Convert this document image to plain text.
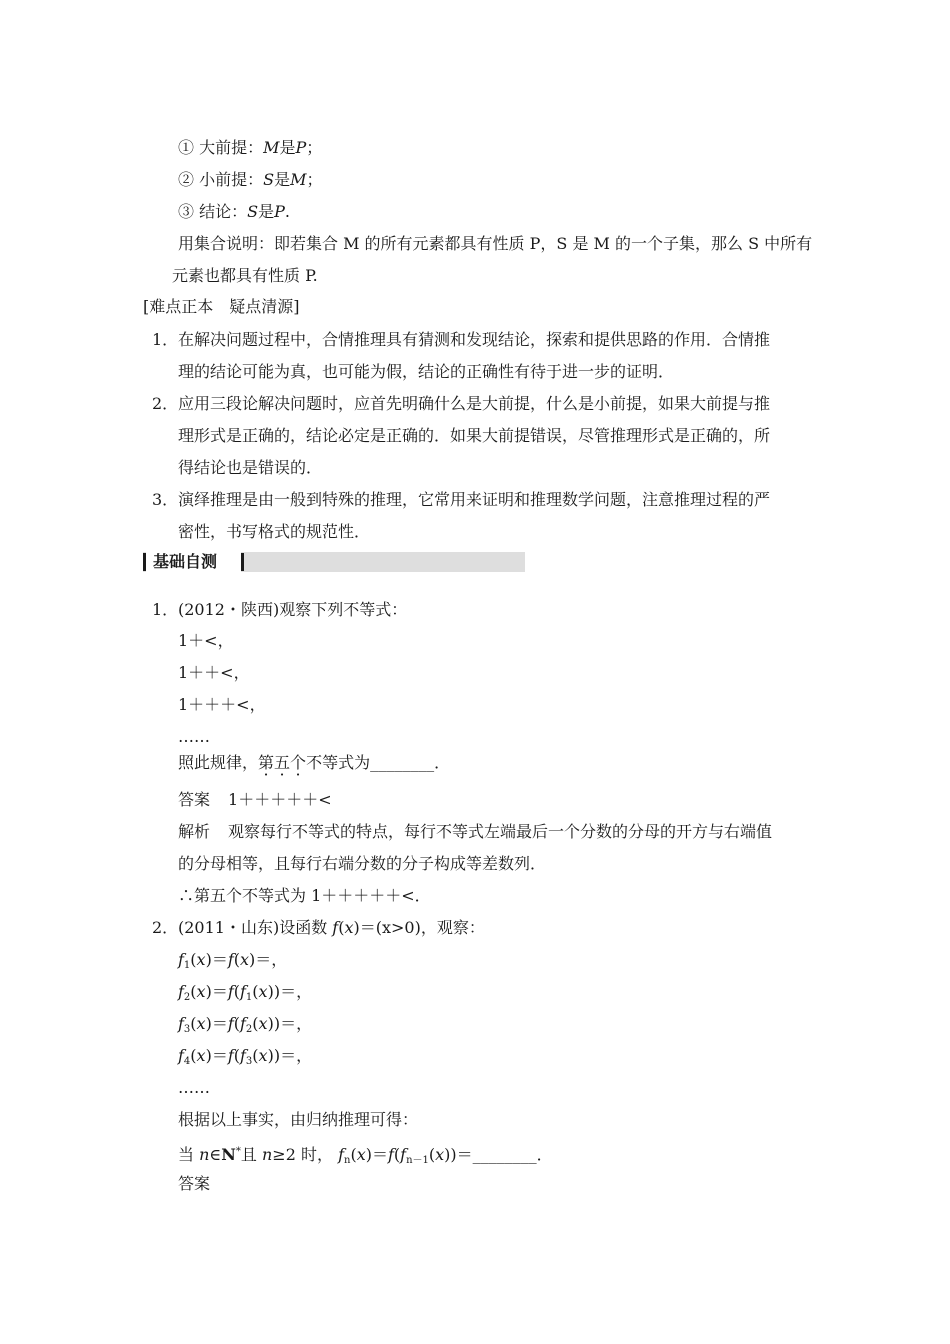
① 大前提：M是P；
② 小前提：S是M；
③ 结论：S是P.
用集合说明：即若集合 M 的所有元素都具有性质 P，S 是 M 的一个子集，那么 S 中所有
元素也都具有性质 P.
[难点正本　疑点清源]
1． 在解决问题过程中，合情推理具有猜测和发现结论，探索和提供思路的作用．合情推
理的结论可能为真，也可能为假，结论的正确性有待于进一步的证明．
2． 应用三段论解决问题时，应首先明确什么是大前提，什么是小前提，如果大前提与推
理形式是正确的，结论必定是正确的．如果大前提错误，尽管推理形式是正确的，所
得结论也是错误的．
3． 演绎推理是由一般到特殊的推理，它常用来证明和推理数学问题，注意推理过程的严
密性，书写格式的规范性．
基础自测
1． (2012・陕西)观察下列不等式：
1＋<，
1＋＋<，
1＋＋＋<，
……
照此规律，第五个不等式为________．
答案 1＋＋＋＋＋<
解析 观察每行不等式的特点，每行不等式左端最后一个分数的分母的开方与右端值
的分母相等，且每行右端分数的分子构成等差数列．
∴第五个不等式为 1＋＋＋＋＋<．
2． (2011・山东)设函数 f(x)＝(x>0)，观察：
$f_1(x)=f(x)=$，
$f_2(x)=f(f_1(x))=$，
$f_3(x)=f(f_2(x))=$，
$f_4(x)=f(f_3(x))=$，
……
根据以上事实，由归纳推理可得：
当 n∈N*且 n≥2 时， $f_n(x)=f(f_{n-1}(x))=\_\_\_\_\_\_\_\_$．
答案
